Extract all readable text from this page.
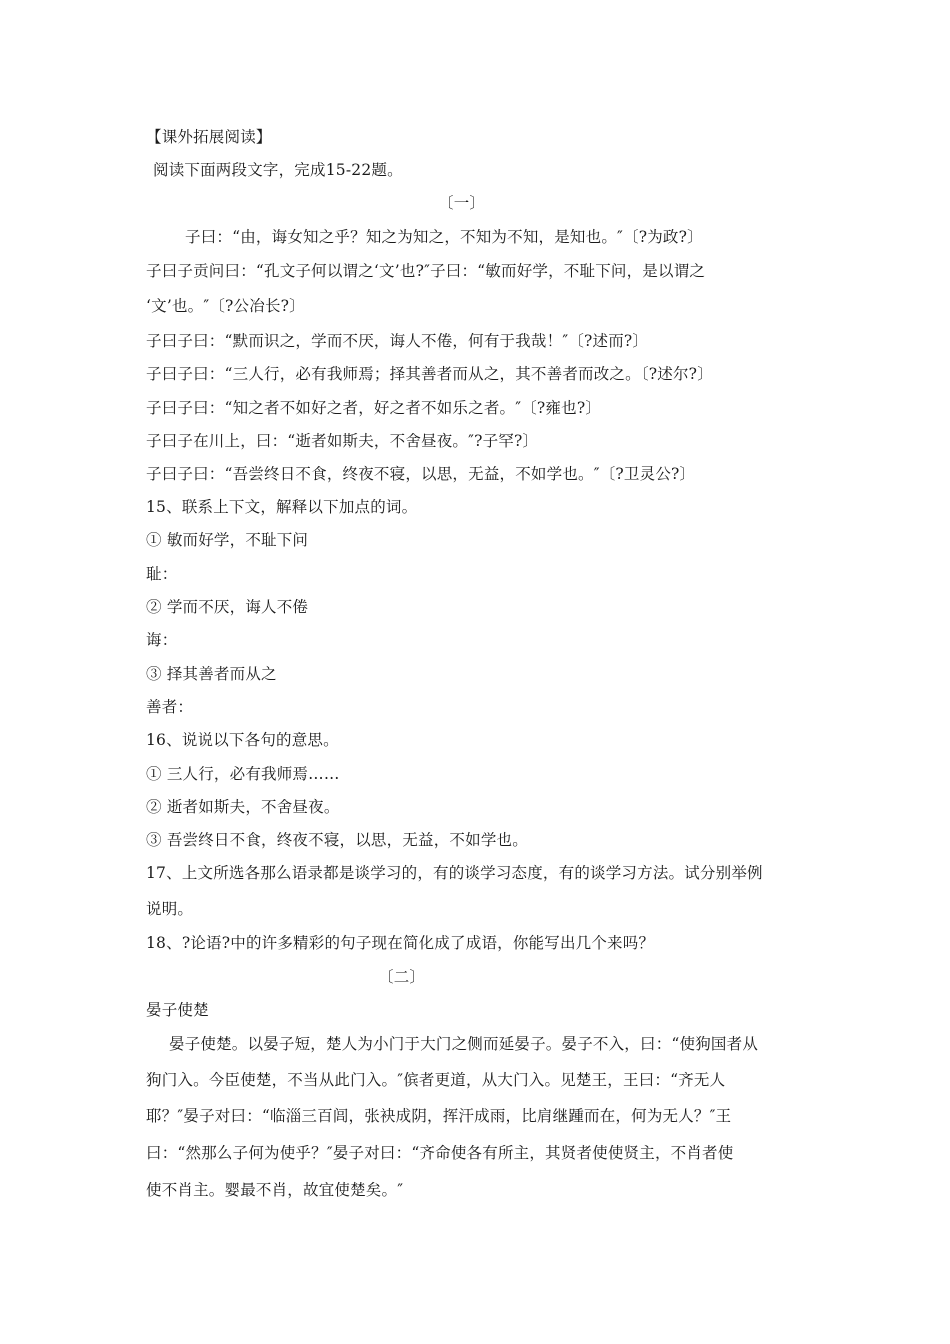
【课外拓展阅读】
阅读下面两段文字，完成15-22题。
〔一〕
子曰：“由，诲女知之乎？知之为知之，不知为不知，是知也。″〔?为政?〕
子曰子贡问曰：“孔文子何以谓之‘文’也?″子曰：“敏而好学，不耻下问，是以谓之
‘文’也。″〔?公冶长?〕
子曰子曰：“默而识之，学而不厌，诲人不倦，何有于我哉！″〔?述而?〕
子曰子曰：“三人行，必有我师焉；择其善者而从之，其不善者而改之。〔?述尔?〕
子曰子曰：“知之者不如好之者，好之者不如乐之者。″〔?雍也?〕
子曰子在川上，曰：“逝者如斯夫，不舍昼夜。″?子罕?〕
子曰子曰：“吾尝终日不食，终夜不寝，以思，无益，不如学也。″〔?卫灵公?〕
15、联系上下文，解释以下加点的词。
① 敏而好学，不耻下问
耻：
② 学而不厌，诲人不倦
诲：
③ 择其善者而从之
善者：
16、说说以下各句的意思。
① 三人行，必有我师焉……
② 逝者如斯夫，不舍昼夜。
③ 吾尝终日不食，终夜不寝，以思，无益，不如学也。
17、上文所选各那么语录都是谈学习的，有的谈学习态度，有的谈学习方法。试分别举例
说明。
18、?论语?中的许多精彩的句子现在简化成了成语，你能写出几个来吗？
〔二〕
晏子使楚
晏子使楚。以晏子短，楚人为小门于大门之侧而延晏子。晏子不入，曰：“使狗国者从
狗门入。今臣使楚，不当从此门入。″傧者更道，从大门入。见楚王，王曰：“齐无人
耶？″晏子对曰：“临淄三百闾，张袂成阴，挥汗成雨，比肩继踵而在，何为无人？″王
曰：“然那么子何为使乎？″晏子对曰：“齐命使各有所主，其贤者使使贤主，不肖者使
使不肖主。婴最不肖，故宜使楚矣。″
